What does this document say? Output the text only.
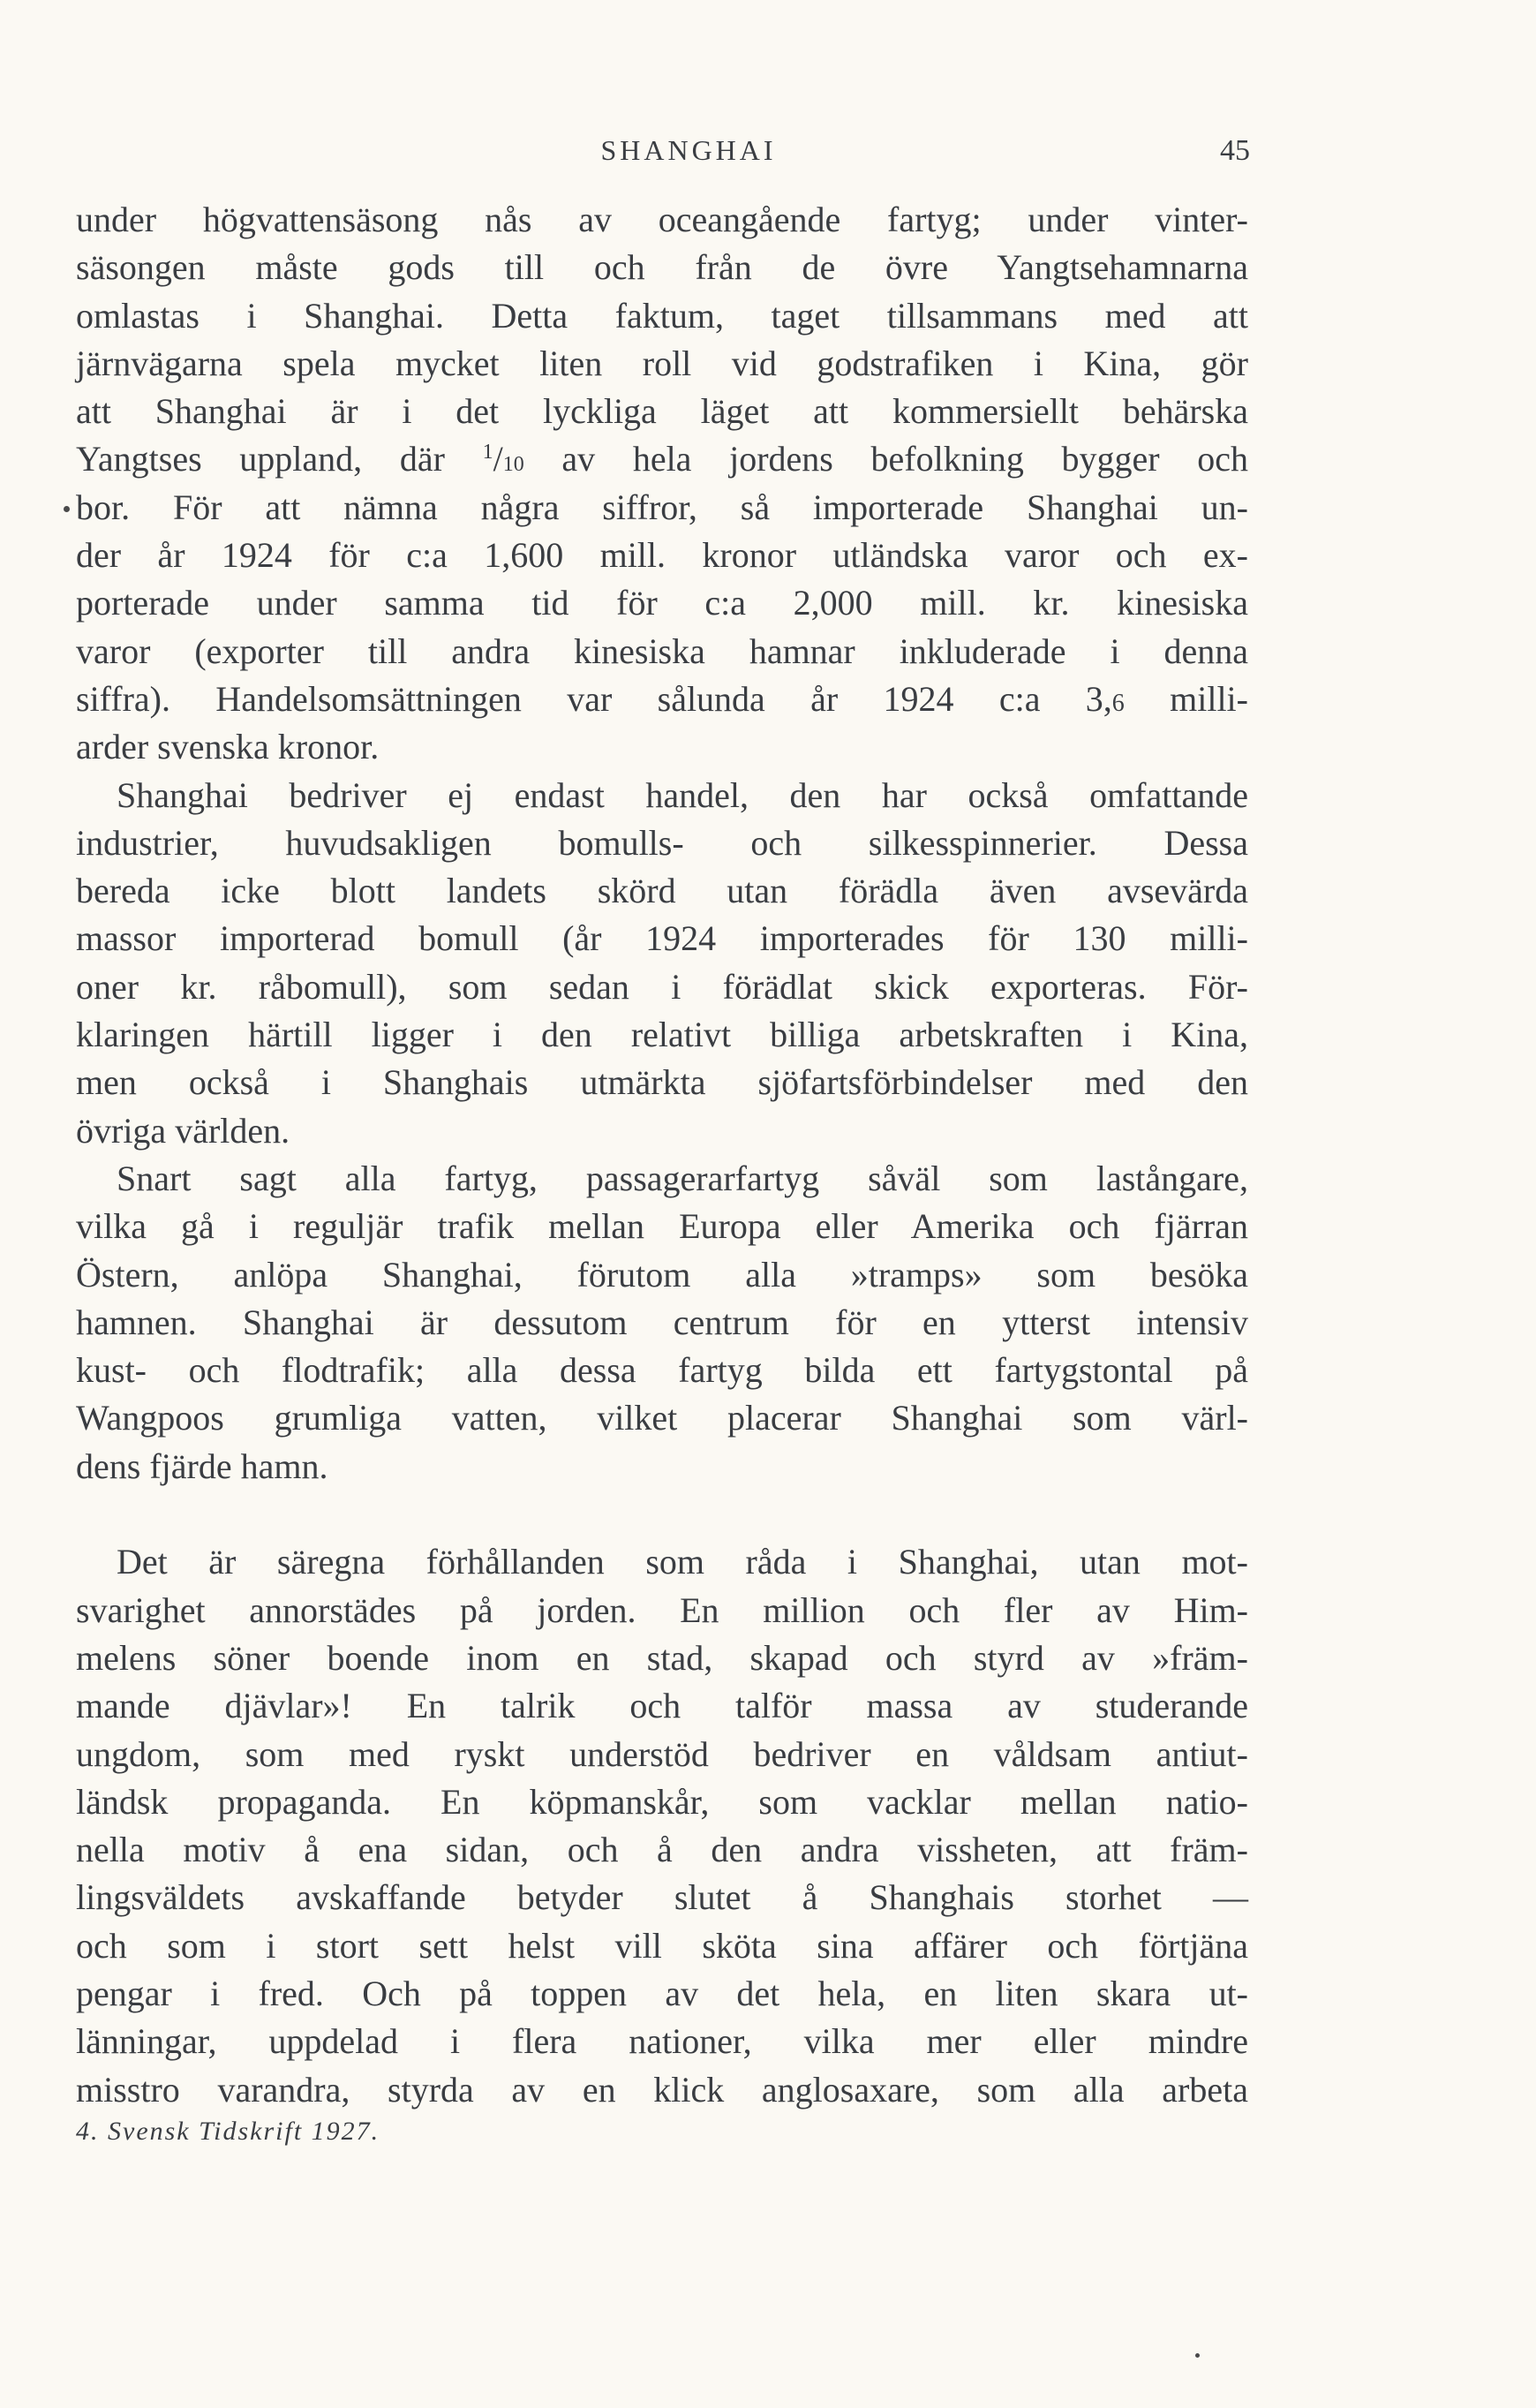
SHANGHAI	45
under högvattensäsong nås av oceangående fartyg; under vinter-
säsongen måste gods till och från de övre Yangtsehamnarna
omlastas i Shanghai. Detta faktum, taget tillsammans med att
järnvägarna spela mycket liten roll vid godstrafiken i Kina, gör
att Shanghai är i det lyckliga läget att kommersiellt behärska
Yangtses uppland, där $^1$/10 av hela jordens befolkning bygger och
bor. För att nämna några siffror, så importerade Shanghai un-
der år 1924 för c:a 1,600 mill. kronor utländska varor och ex-
porterade under samma tid för c:a 2,000 mill. kr. kinesiska
varor (exporter till andra kinesiska hamnar inkluderade i denna
siffra). Handelsomsättningen var sålunda år 1924 c:a 3,6 milli-
arder svenska kronor.
Shanghai bedriver ej endast handel, den har också omfattande
industrier, huvudsakligen bomulls- och silkesspinnerier. Dessa
bereda icke blott landets skörd utan förädla även avsevärda
massor importerad bomull (år 1924 importerades för 130 milli-
oner kr. råbomull), som sedan i förädlat skick exporteras. För-
klaringen härtill ligger i den relativt billiga arbetskraften i Kina,
men också i Shanghais utmärkta sjöfartsförbindelser med den
övriga världen.
Snart sagt alla fartyg, passagerarfartyg såväl som lastångare,
vilka gå i reguljär trafik mellan Europa eller Amerika och fjärran
Östern, anlöpa Shanghai, förutom alla »tramps» som besöka
hamnen. Shanghai är dessutom centrum för en ytterst intensiv
kust- och flodtrafik; alla dessa fartyg bilda ett fartygstontal på
Wangpoos grumliga vatten, vilket placerar Shanghai som värl-
dens fjärde hamn.
Det är säregna förhållanden som råda i Shanghai, utan mot-
svarighet annorstädes på jorden. En million och fler av Him-
melens söner boende inom en stad, skapad och styrd av »främ-
mande djävlar»! En talrik och talför massa av studerande
ungdom, som med ryskt understöd bedriver en våldsam antiut-
ländsk propaganda. En köpmanskår, som vacklar mellan natio-
nella motiv å ena sidan, och å den andra vissheten, att främ-
lingsväldets avskaffande betyder slutet å Shanghais storhet —
och som i stort sett helst vill sköta sina affärer och förtjäna
pengar i fred. Och på toppen av det hela, en liten skara ut-
länningar, uppdelad i flera nationer, vilka mer eller mindre
misstro varandra, styrda av en klick anglosaxare, som alla arbeta
4. Svensk Tidskrift 1927.
